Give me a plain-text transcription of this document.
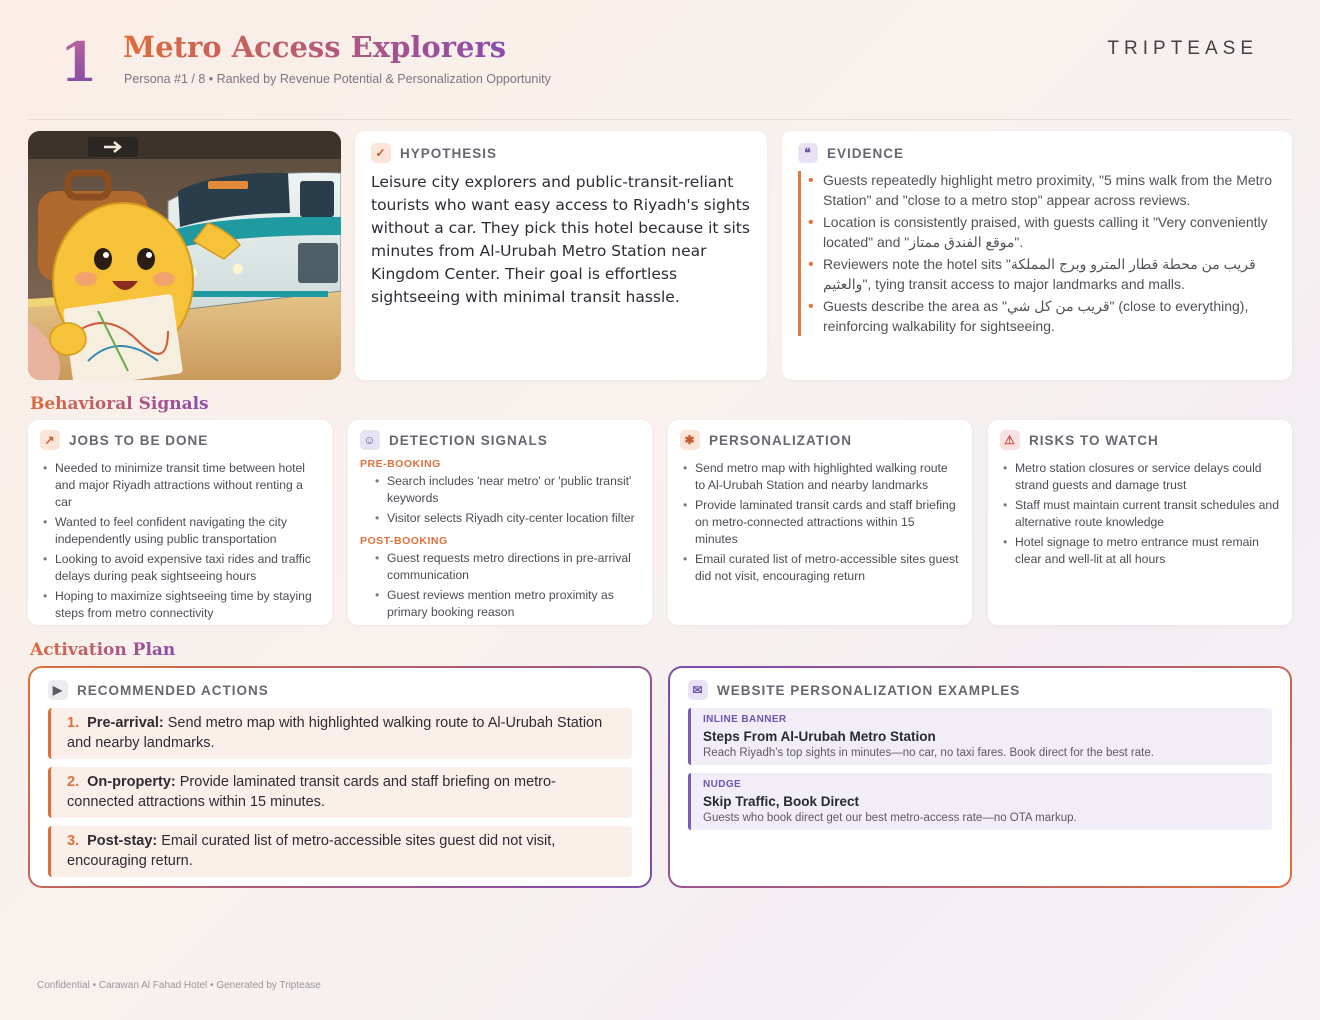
1 Metro Access Explorers
Persona #1 / 8 • Ranked by Revenue Potential & Personalization Opportunity
TRIPTEASE
✓ HYPOTHESIS
Leisure city explorers and public-transit-reliant tourists who want easy access to Riyadh's sights without a car. They pick this hotel because it sits minutes from Al-Urubah Metro Station near Kingdom Center. Their goal is effortless sightseeing with minimal transit hassle.
❝	EVIDENCE
• Guests repeatedly highlight metro proximity, "5 mins walk from the Metro Station" and "close to a metro stop" appear across reviews.
• Location is consistently praised, with guests calling it "Very conveniently located" and "موقع الفندق ممتاز".
• Reviewers note the hotel sits "قريب من محطة قطار المترو وبرج المملكة والعثيم", tying transit access to major landmarks and malls.
• Guests describe the area as "قريب من كل شي" (close to everything), reinforcing walkability for sightseeing.
Behavioral Signals
↗ JOBS TO BE DONE
• Needed to minimize transit time between hotel and major Riyadh attractions without renting a car
• Wanted to feel confident navigating the city independently using public transportation
• Looking to avoid expensive taxi rides and traffic delays during peak sightseeing hours
• Hoping to maximize sightseeing time by staying steps from metro connectivity
☺ DETECTION SIGNALS
PRE-BOOKING
• Search includes 'near metro' or 'public transit' keywords
• Visitor selects Riyadh city-center location filter
POST-BOOKING
• Guest requests metro directions in pre-arrival communication
• Guest reviews mention metro proximity as primary booking reason
✱ PERSONALIZATION
• Send metro map with highlighted walking route to Al-Urubah Station and nearby landmarks
• Provide laminated transit cards and staff briefing on metro-connected attractions within 15 minutes
• Email curated list of metro-accessible sites guest did not visit, encouraging return
⚠ RISKS TO WATCH
• Metro station closures or service delays could strand guests and damage trust
• Staff must maintain current transit schedules and alternative route knowledge
• Hotel signage to metro entrance must remain clear and well-lit at all hours
Activation Plan
▶	RECOMMENDED ACTIONS
1. Pre-arrival: Send metro map with highlighted walking route to Al-Urubah Station and nearby landmarks.
2. On-property: Provide laminated transit cards and staff briefing on metro-connected attractions within 15 minutes.
3. Post-stay: Email curated list of metro-accessible sites guest did not visit, encouraging return.
✉ WEBSITE PERSONALIZATION EXAMPLES
INLINE BANNER
Steps From Al-Urubah Metro Station
Reach Riyadh's top sights in minutes—no car, no taxi fares. Book direct for the best rate.
NUDGE
Skip Traffic, Book Direct
Guests who book direct get our best metro-access rate—no OTA markup.
Confidential • Carawan Al Fahad Hotel • Generated by Triptease
